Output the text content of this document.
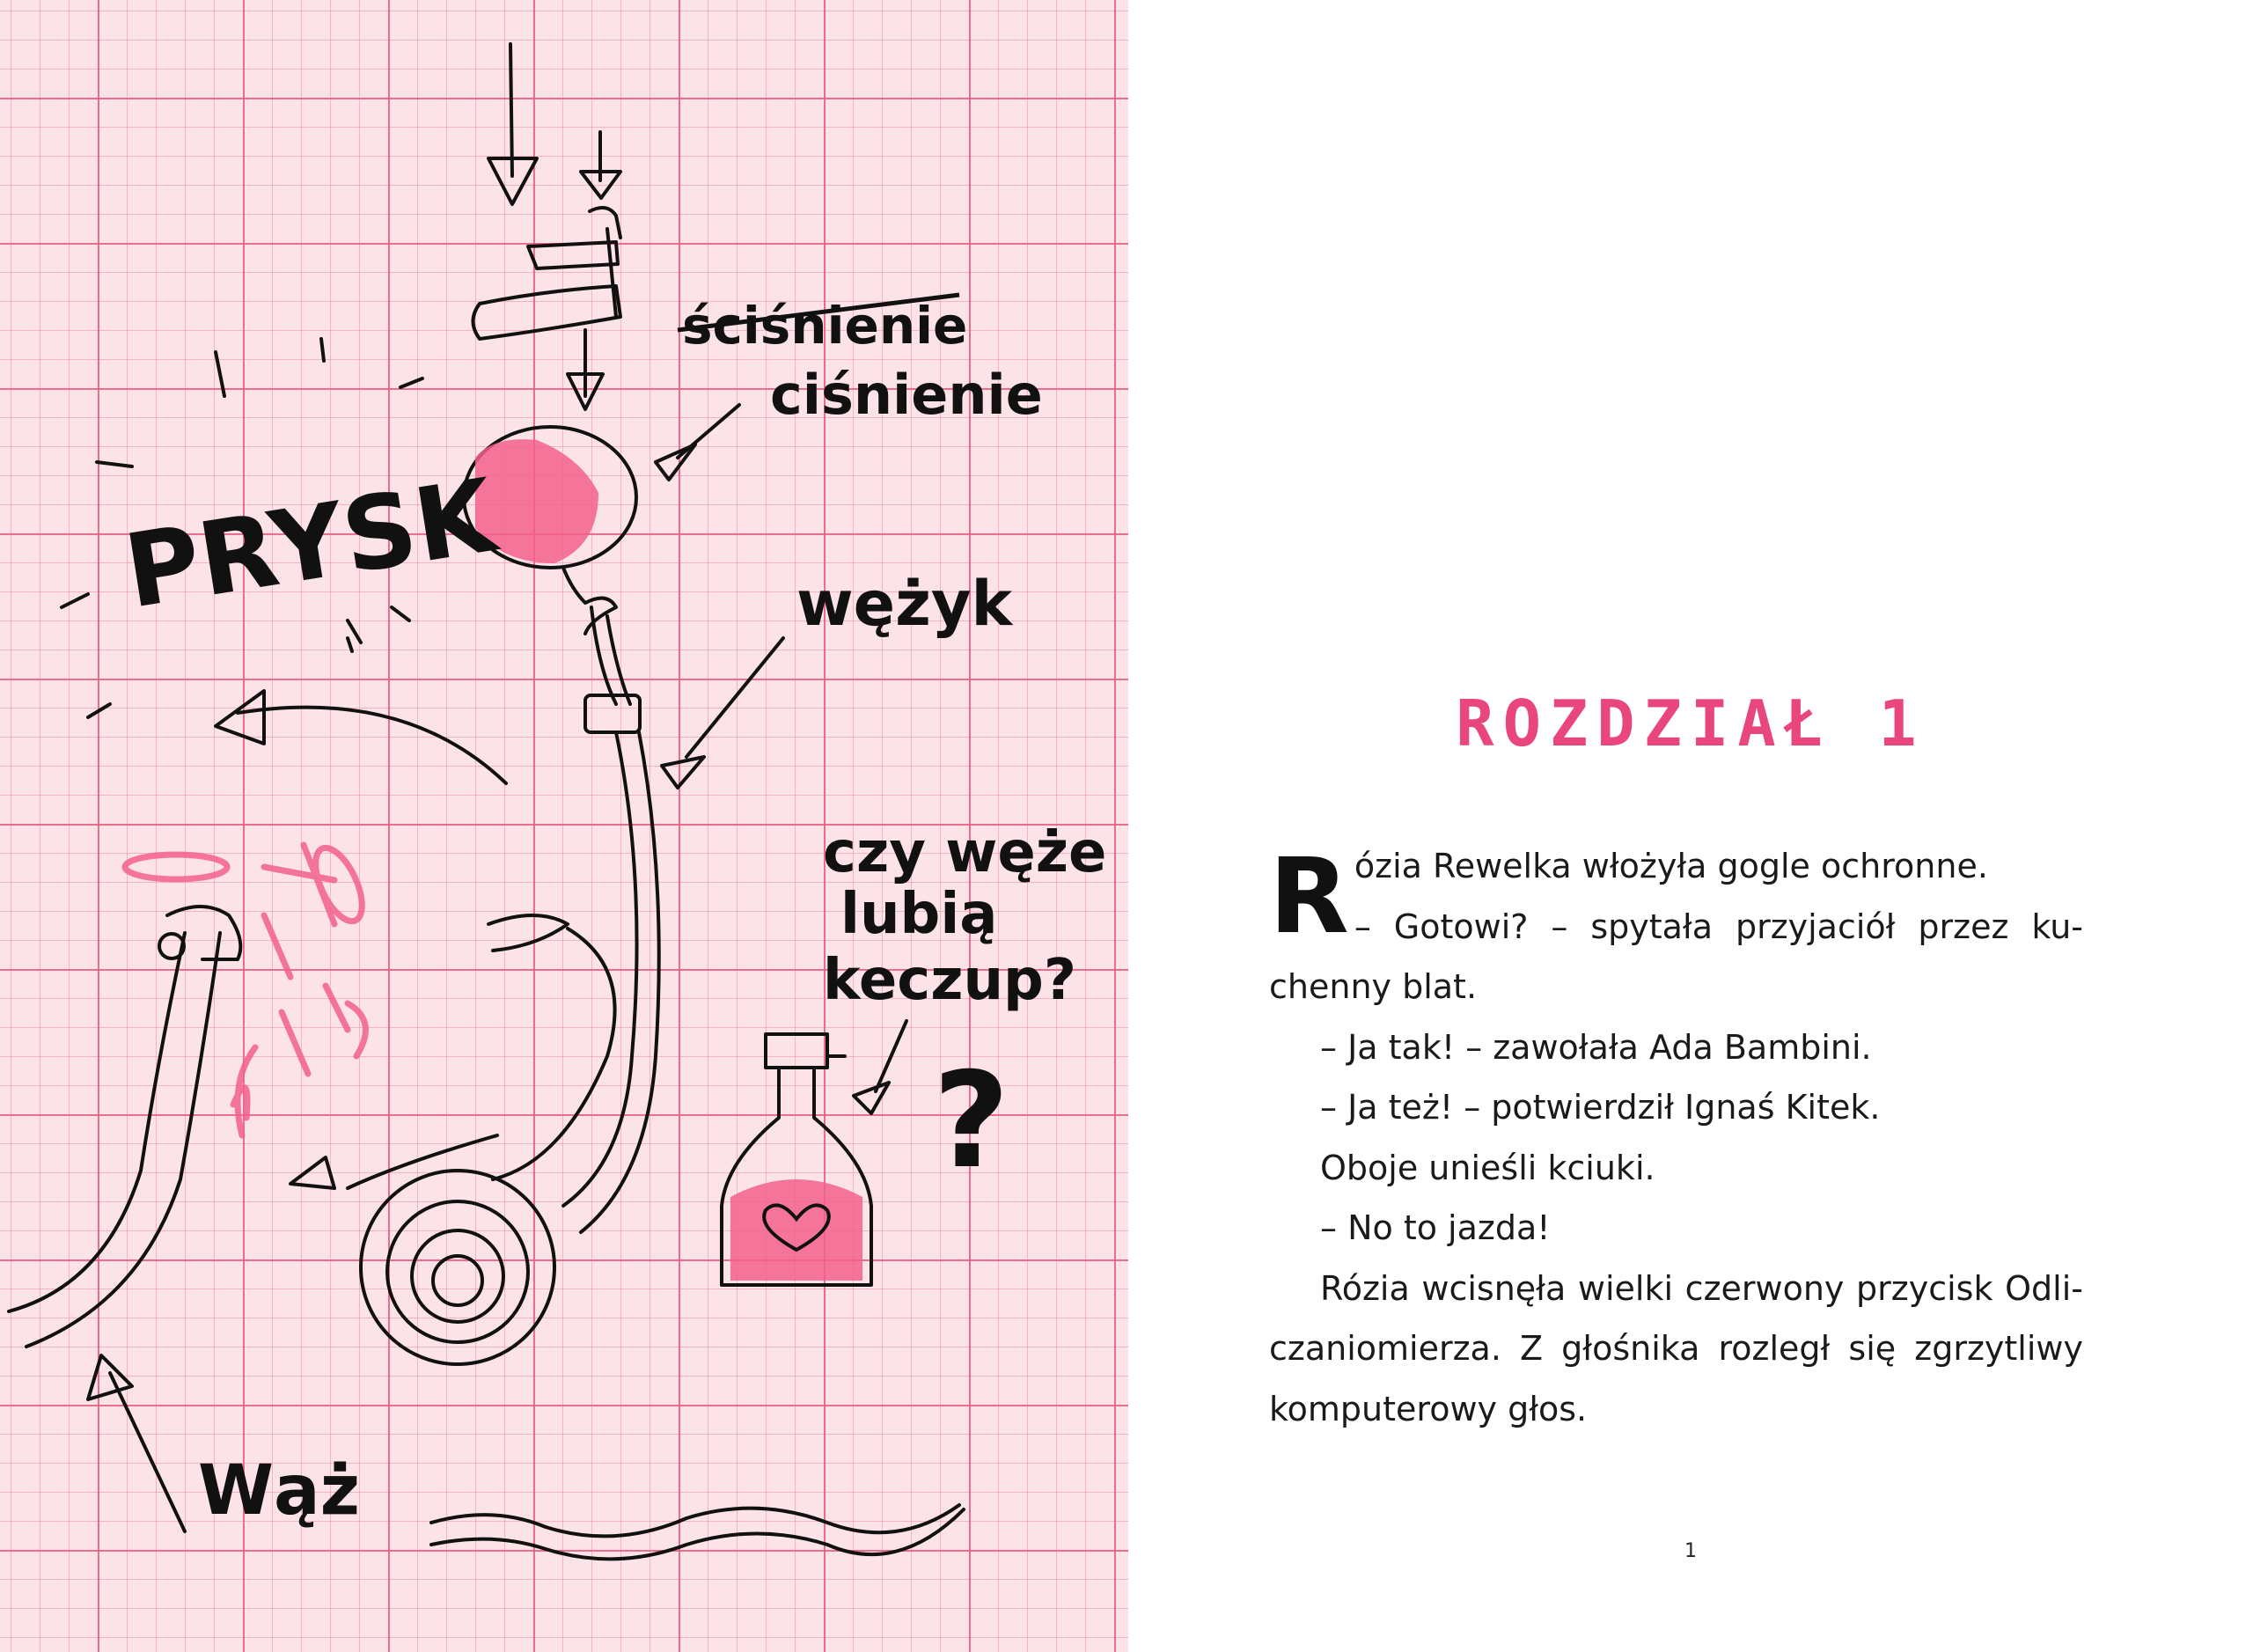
ściśnienie
ciśnienie
PRYSK	wężyk
czy węże
lubią
keczup?
?
Wąż
ROZDZIAŁ 1
R ózia Rewelka włożyła gogle ochronne.
– Gotowi? – spytała przyjaciół przez ku-
chenny blat.
– Ja tak! – zawołała Ada Bambini.
– Ja też! – potwierdził Ignaś Kitek.
Oboje unieśli kciuki.
– No to jazda!
Rózia wcisnęła wielki czerwony przycisk Odli-
czaniomierza. Z głośnika rozległ się zgrzytliwy
komputerowy głos.
1
